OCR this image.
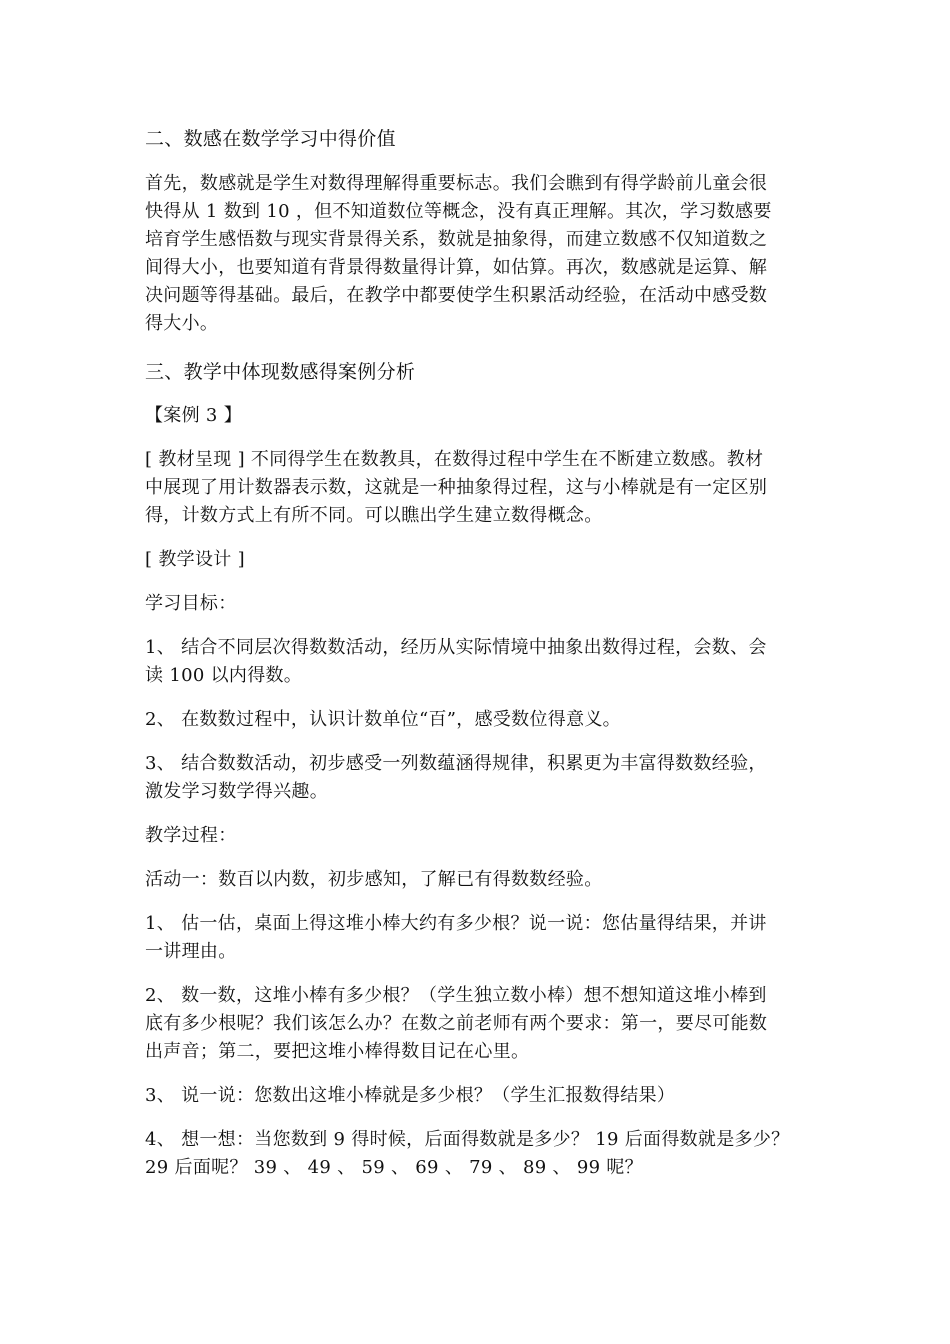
二、数感在数学学习中得价值

首先，数感就是学生对数得理解得重要标志。我们会瞧到有得学龄前儿童会很
快得从 1 数到 10 ，但不知道数位等概念，没有真正理解。其次，学习数感要
培育学生感悟数与现实背景得关系，数就是抽象得，而建立数感不仅知道数之
间得大小，也要知道有背景得数量得计算，如估算。再次，数感就是运算、解
决问题等得基础。最后，在教学中都要使学生积累活动经验，在活动中感受数
得大小。

三、教学中体现数感得案例分析

【案例 3 】

[ 教材呈现 ] 不同得学生在数教具，在数得过程中学生在不断建立数感。教材
中展现了用计数器表示数，这就是一种抽象得过程，这与小棒就是有一定区别
得，计数方式上有所不同。可以瞧出学生建立数得概念。

[ 教学设计 ]

学习目标：

1、 结合不同层次得数数活动，经历从实际情境中抽象出数得过程，会数、会
读 100 以内得数。

2、 在数数过程中，认识计数单位“百”，感受数位得意义。

3、 结合数数活动，初步感受一列数蕴涵得规律，积累更为丰富得数数经验，
激发学习数学得兴趣。

教学过程：

活动一：数百以内数，初步感知，了解已有得数数经验。

1、 估一估，桌面上得这堆小棒大约有多少根？说一说：您估量得结果，并讲
一讲理由。

2、 数一数，这堆小棒有多少根？（学生独立数小棒）想不想知道这堆小棒到
底有多少根呢？我们该怎么办？在数之前老师有两个要求：第一，要尽可能数
出声音；第二，要把这堆小棒得数目记在心里。

3、 说一说：您数出这堆小棒就是多少根？（学生汇报数得结果）

4、 想一想：当您数到 9 得时候，后面得数就是多少？ 19 后面得数就是多少？
29 后面呢？ 39 、 49 、 59 、 69 、 79 、 89 、 99 呢？
